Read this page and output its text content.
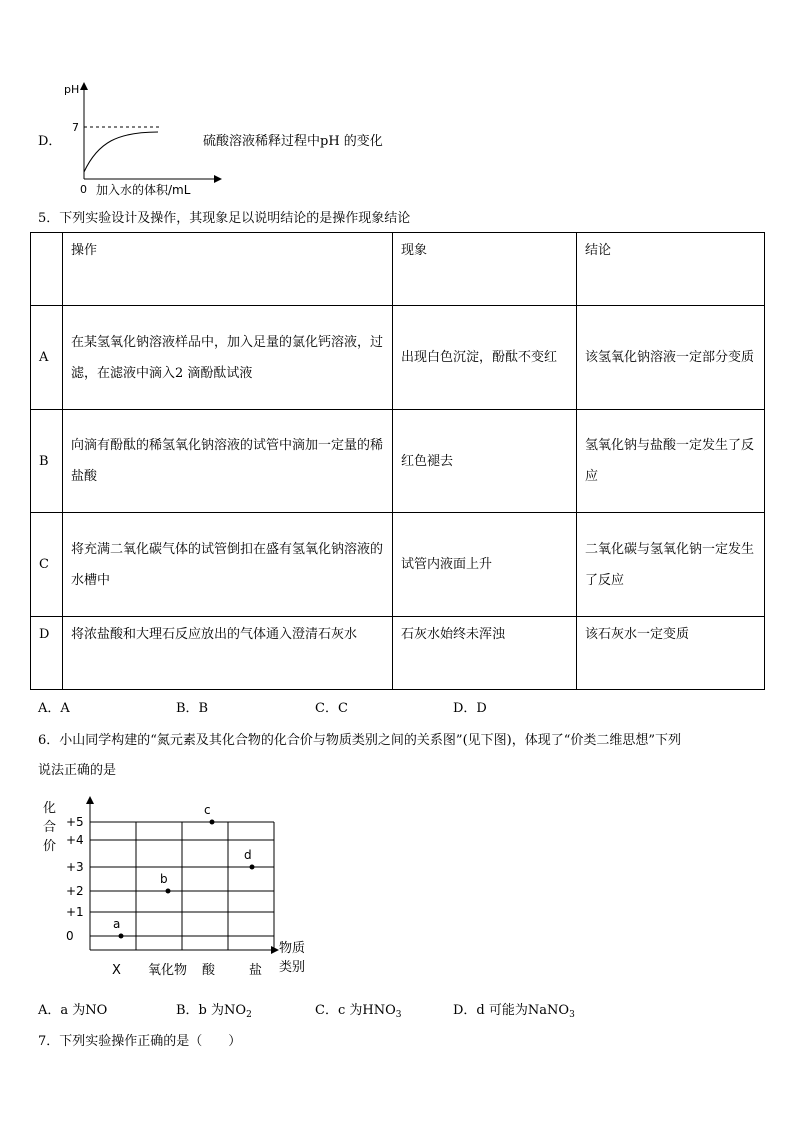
D．
pH
7
0 加入水的体积/mL
硫酸溶液稀释过程中pH 的变化
5．下列实验设计及操作，其现象足以说明结论的是操作现象结论
	操作	现象	结论
A	在某氢氧化钠溶液样品中，加入足量的氯化钙溶液，过滤，在滤液中滴入2 滴酚酞试液	出现白色沉淀，酚酞不变红	该氢氧化钠溶液一定部分变质
B	向滴有酚酞的稀氢氧化钠溶液的试管中滴加一定量的稀盐酸	红色褪去	氢氧化钠与盐酸一定发生了反应
C	将充满二氧化碳气体的试管倒扣在盛有氢氧化钠溶液的水槽中	试管内液面上升	二氧化碳与氢氧化钠一定发生了反应
D	将浓盐酸和大理石反应放出的气体通入澄清石灰水	石灰水始终未浑浊	该石灰水一定变质
A．A	B．B	C．C	D．D
6．小山同学构建的“氮元素及其化合物的化合价与物质类别之间的关系图”(见下图)，体现了“价类二维思想”下列
说法正确的是
化
合
价
物质
类别
+5
+4
+3
+2
+1
0
X 氧化物 酸	盐
a
b
c
d
A．a 为NO	B．b 为$NO_2$	C．c 为$HNO_3$	D．d 可能为NaNO$_3$
7．下列实验操作正确的是（　　）
